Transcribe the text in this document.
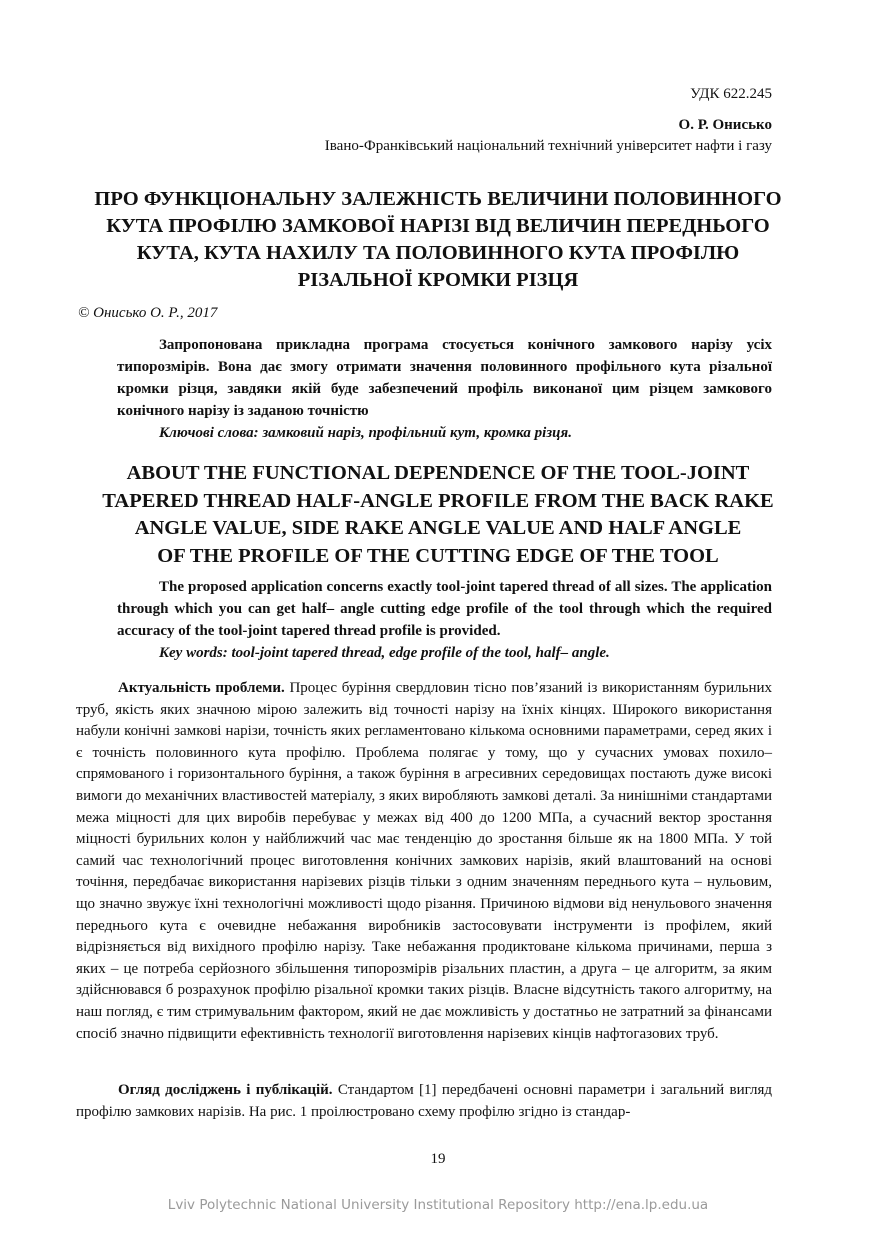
УДК 622.245
О. Р. Онисько
Івано-Франківський національний технічний університет нафти і газу
ПРО ФУНКЦІОНАЛЬНУ ЗАЛЕЖНІСТЬ ВЕЛИЧИНИ ПОЛОВИННОГО
КУТА ПРОФІЛЮ ЗАМКОВОЇ НАРІЗІ ВІД ВЕЛИЧИН ПЕРЕДНЬОГО
КУТА, КУТА НАХИЛУ ТА ПОЛОВИННОГО КУТА ПРОФІЛЮ
РІЗАЛЬНОЇ КРОМКИ РІЗЦЯ
© Онисько О. Р., 2017

Запропонована прикладна програма стосується конічного замкового нарізу усіх типорозмірів. Вона дає змогу отримати значення половинного профільного кута різальної кромки різця, завдяки якій буде забезпечений профіль виконаної цим різцем замкового конічного нарізу із заданою точністю

Ключові слова: замковий наріз, профільний кут, кромка різця.

ABOUT THE FUNCTIONAL DEPENDENCE OF THE TOOL-JOINT
TAPERED THREAD HALF-ANGLE PROFILE FROM THE BACK RAKE
ANGLE VALUE, SIDE RAKE ANGLE VALUE AND HALF ANGLE
OF THE PROFILE OF THE CUTTING EDGE OF THE TOOL

The proposed application concerns exactly tool-joint tapered thread of all sizes. The application through which you can get half– angle cutting edge profile of the tool through which the required accuracy of the tool-joint tapered thread profile is provided.

Key words: tool-joint tapered thread, edge profile of the tool, half– angle.

Актуальність проблеми. Процес буріння свердловин тісно пов’язаний із використанням бурильних труб, якість яких значною мірою залежить від точності нарізу на їхніх кінцях. Широкого використання набули конічні замкові нарізи, точність яких регламентовано кількома основними параметрами, серед яких і є точність половинного кута профілю. Проблема полягає у тому, що у сучасних умовах похило–спрямованого і горизонтального буріння, а також буріння в агресивних середовищах постають дуже високі вимоги до механічних властивостей матеріалу, з яких виробляють замкові деталі. За нинішніми стандартами межа міцності для цих виробів перебуває у межах від 400 до 1200 МПа, а сучасний вектор зростання міцності бурильних колон у найближчий час має тенденцію до зростання більше як на 1800 МПа. У той самий час технологічний процес виготовлення конічних замкових нарізів, який влаштований на основі точіння, передбачає використання нарізевих різців тільки з одним значенням переднього кута – нульовим, що значно звужує їхні технологічні можливості щодо різання. Причиною відмови від ненульового значення переднього кута є очевидне небажання виробників застосовувати інструменти із профілем, який відрізняється від вихідного профілю нарізу. Таке небажання продиктоване кількома причинами, перша з яких – це потреба серйозного збільшення типорозмірів різальних пластин, а друга – це алгоритм, за яким здійснювався б розрахунок профілю різальної кромки таких різців. Власне відсутність такого алгоритму, на наш погляд, є тим стримувальним фактором, який не дає можливість у достатньо не затратний за фінансами спосіб значно підвищити ефективність технології виготовлення нарізевих кінців нафтогазових труб.

Огляд досліджень і публікацій. Стандартом [1] передбачені основні параметри і загальний вигляд профілю замкових нарізів. На рис. 1 проілюстровано схему профілю згідно із стандар-

19
Lviv Polytechnic National University Institutional Repository http://ena.lp.edu.ua
